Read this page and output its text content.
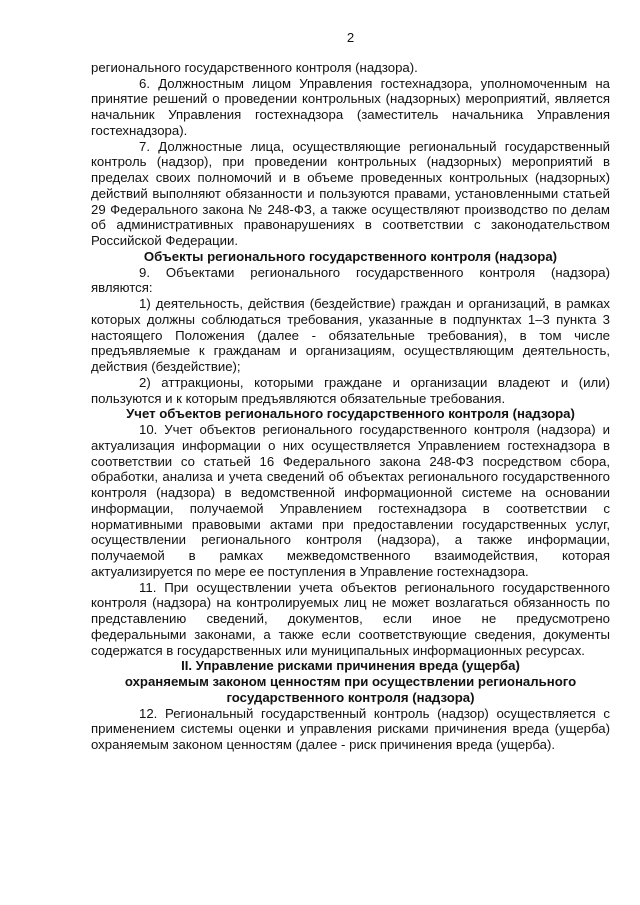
2

регионального государственного контроля (надзора).

6. Должностным лицом Управления гостехнадзора, уполномоченным на принятие решений о проведении контрольных (надзорных) мероприятий, является начальник Управления гостехнадзора (заместитель начальника Управления гостехнадзора).

7. Должностные лица, осуществляющие региональный государственный контроль (надзор), при проведении контрольных (надзорных) мероприятий в пределах своих полномочий и в объеме проведенных контрольных (надзорных) действий выполняют обязанности и пользуются правами, установленными статьей 29 Федерального закона № 248-ФЗ, а также осуществляют производство по делам об административных правонарушениях в соответствии с законодательством Российской Федерации.

Объекты регионального государственного контроля (надзора)

9. Объектами регионального государственного контроля (надзора) являются:

1) деятельность, действия (бездействие) граждан и организаций, в рамках которых должны соблюдаться требования, указанные в подпунктах 1–3 пункта 3 настоящего Положения (далее - обязательные требования), в том числе предъявляемые к гражданам и организациям, осуществляющим деятельность, действия (бездействие);

2) аттракционы, которыми граждане и организации владеют и (или) пользуются и к которым предъявляются обязательные требования.

Учет объектов регионального государственного контроля (надзора)

10. Учет объектов регионального государственного контроля (надзора) и актуализация информации о них осуществляется Управлением гостехнадзора в соответствии со статьей 16 Федерального закона 248-ФЗ посредством сбора, обработки, анализа и учета сведений об объектах регионального государственного контроля (надзора) в ведомственной информационной системе на основании информации, получаемой Управлением гостехнадзора в соответствии с нормативными правовыми актами при предоставлении государственных услуг, осуществлении регионального контроля (надзора), а также информации, получаемой в рамках межведомственного взаимодействия, которая актуализируется по мере ее поступления в Управление гостехнадзора.

11. При осуществлении учета объектов регионального государственного контроля (надзора) на контролируемых лиц не может возлагаться обязанность по представлению сведений, документов, если иное не предусмотрено федеральными законами, а также если соответствующие сведения, документы содержатся в государственных или муниципальных информационных ресурсах.

II. Управление рисками причинения вреда (ущерба)
охраняемым законом ценностям при осуществлении регионального
государственного контроля (надзора)

12. Региональный государственный контроль (надзор) осуществляется с применением системы оценки и управления рисками причинения вреда (ущерба) охраняемым законом ценностям (далее - риск причинения вреда (ущерба).
